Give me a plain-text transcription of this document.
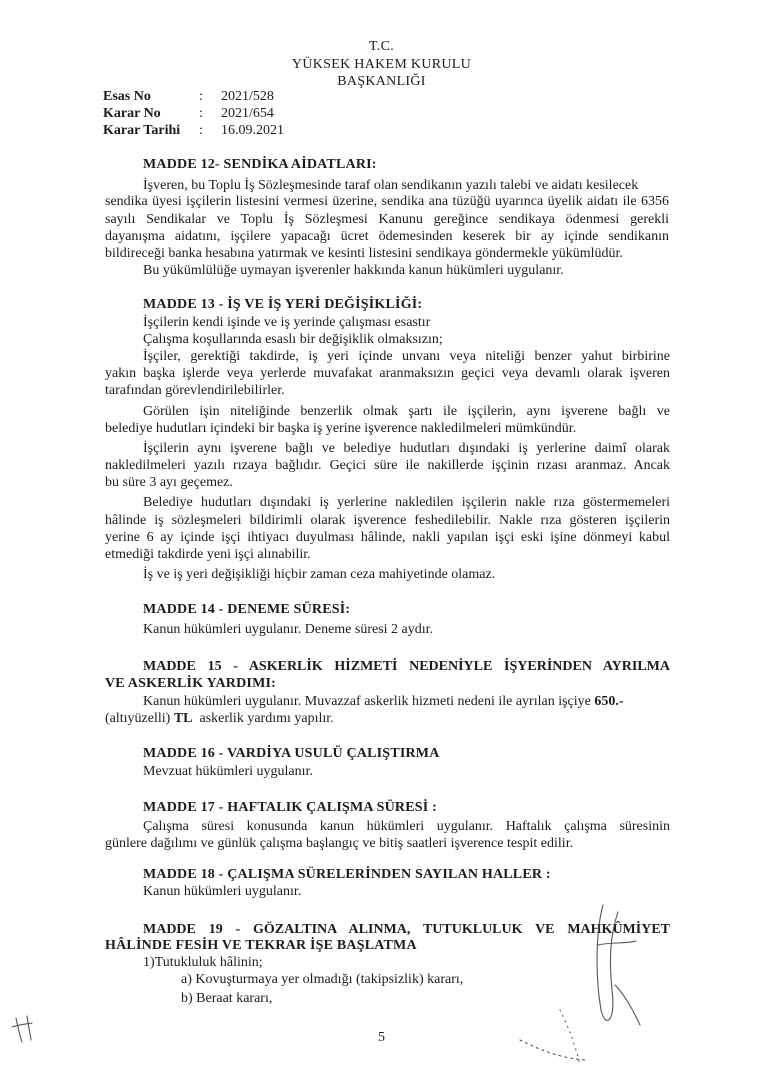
T.C.
YÜKSEK HAKEM KURULU
BAŞKANLIĞI
Esas No	:	2021/528
Karar No	:	2021/654
Karar Tarihi	:	16.09.2021
MADDE 12- SENDİKA AİDATLARI:
İşveren, bu Toplu İş Sözleşmesinde taraf olan sendikanın yazılı talebi ve aidatı kesilecek
sendika üyesi işçilerin listesini vermesi üzerine, sendika ana tüzüğü uyarınca üyelik aidatı ile 6356
sayılı Sendikalar ve Toplu İş Sözleşmesi Kanunu gereğince sendikaya ödenmesi gerekli
dayanışma aidatını, işçilere yapacağı ücret ödemesinden keserek bir ay içinde sendikanın
bildireceği banka hesabına yatırmak ve kesinti listesini sendikaya göndermekle yükümlüdür.
Bu yükümlülüğe uymayan işverenler hakkında kanun hükümleri uygulanır.
MADDE 13 - İŞ VE İŞ YERİ DEĞİŞİKLİĞİ:
İşçilerin kendi işinde ve iş yerinde çalışması esastır
Çalışma koşullarında esaslı bir değişiklik olmaksızın;
İşçiler, gerektiği takdirde, iş yeri içinde unvanı veya niteliği benzer yahut birbirine
yakın başka işlerde veya yerlerde muvafakat aranmaksızın geçici veya devamlı olarak işveren
tarafından görevlendirilebilirler.
Görülen işin niteliğinde benzerlik olmak şartı ile işçilerin, aynı işverene bağlı ve
belediye hudutları içindeki bir başka iş yerine işverence nakledilmeleri mümkündür.
İşçilerin aynı işverene bağlı ve belediye hudutları dışındaki iş yerlerine daimî olarak
nakledilmeleri yazılı rızaya bağlıdır. Geçici süre ile nakillerde işçinin rızası aranmaz. Ancak
bu süre 3 ayı geçemez.
Belediye hudutları dışındaki iş yerlerine nakledilen işçilerin nakle rıza göstermemeleri
hâlinde iş sözleşmeleri bildirimli olarak işverence feshedilebilir. Nakle rıza gösteren işçilerin
yerine 6 ay içinde işçi ihtiyacı duyulması hâlinde, nakli yapılan işçi eski işine dönmeyi kabul
etmediği takdirde yeni işçi alınabilir.
İş ve iş yeri değişikliği hiçbir zaman ceza mahiyetinde olamaz.
MADDE 14 - DENEME SÜRESİ:
Kanun hükümleri uygulanır. Deneme süresi 2 aydır.
MADDE 15 - ASKERLİK HİZMETİ NEDENİYLE İŞYERİNDEN AYRILMA
VE ASKERLİK YARDIMI:
Kanun hükümleri uygulanır. Muvazzaf askerlik hizmeti nedeni ile ayrılan işçiye 650.-
(altıyüzelli) TL  askerlik yardımı yapılır.
MADDE 16 - VARDİYA USULÜ ÇALIŞTIRMA
Mevzuat hükümleri uygulanır.
MADDE 17 - HAFTALIK ÇALIŞMA SÜRESİ :
Çalışma süresi konusunda kanun hükümleri uygulanır. Haftalık çalışma süresinin
günlere dağılımı ve günlük çalışma başlangıç ve bitiş saatleri işverence tespit edilir.
MADDE 18 - ÇALIŞMA SÜRELERİNDEN SAYILAN HALLER :
Kanun hükümleri uygulanır.
MADDE 19 - GÖZALTINA ALINMA, TUTUKLULUK VE MAHKÛMİYET
HÂLİNDE FESİH VE TEKRAR İŞE BAŞLATMA
1)Tutukluluk hâlinin;
a) Kovuşturmaya yer olmadığı (takipsizlik) kararı,
b) Beraat kararı,
5
